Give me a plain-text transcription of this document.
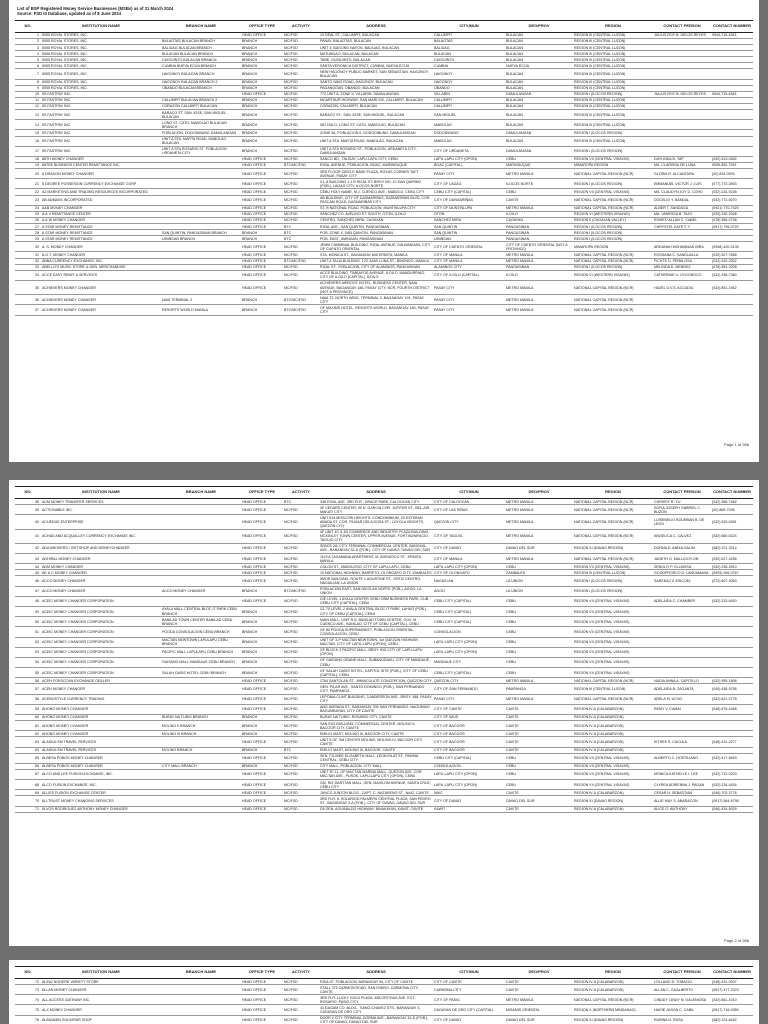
List of BSP Registered Money Service Businesses (MSBs) as of 31 March 2024
Source: FSD III Database, updated as of 8 June 2024
NO.	INSTITUTION NAME	BRANCH NAME	OFFICE TYPE	ACTIVITY	ADDRESS	CITY/MUN	DEO/PROV	REGION	CONTACT PERSON	CONTACT NUMBER
1	5055 ROYAL STORES, INC.		HEAD OFFICE	MC/FXD	10 DEAL ST., CALUMPIT, BULACAN	CALUMPIT	BULACAN	REGION III (CENTRAL LUZON)	JULIUS ROY B. DELOS REYES	0944-715-4363
2	5055 ROYAL STORES, INC.	BALAGTAS BULACAN BRANCH	BRANCH	MC/FXD	PANAY, BALAGTAS, BULACAN	BALAGTAS	BULACAN	REGION III (CENTRAL LUZON)		
3	5055 ROYAL STORES, INC.	BALIUAG BULACAN BRANCH	BRANCH	MC/FXD	UNIT 4, BAGONG NAYON, BALIUAG, BULACAN	BALIUAG	BULACAN	REGION III (CENTRAL LUZON)		
4	5055 ROYAL STORES, INC.	BULACAN BULACAN BRANCH	BRANCH	MC/FXD	MATUNGAO, BULACAN, BULACAN	BULACAN	BULACAN	REGION III (CENTRAL LUZON)		
5	5055 ROYAL STORES, INC.	GUIGUINTO BULACAN BRANCH	BRANCH	MC/FXD	TABE, GUIGUINTO, BULACAN	GUIGUINTO	BULACAN	REGION III (CENTRAL LUZON)		
6	5055 ROYAL STORES, INC.	CUMBIA NUEVA ECIJA BRANCH	BRANCH	MC/FXD	SANTA VERONICA DISTRICT, CUMBIA, NUEVA ECIJA	CUMBIA	NUEVA ECIJA	REGION III (CENTRAL LUZON)		
7	5055 ROYAL STORES, INC.	HAGONOY BULACAN BRANCH	BRANCH	MC/FXD	NEW HAGONOY PUBLIC MARKET, SAN SEBASTIAN, HAGONOY, BULACAN	HAGONOY	BULACAN	REGION III (CENTRAL LUZON)		
8	5055 ROYAL STORES, INC.	HAGONOY BULACAN BRANCH 2	BRANCH	MC/FXD	SANTO NINO ROAD, HAGONOY, BULACAN	HAGONOY	BULACAN	REGION III (CENTRAL LUZON)		
9	5055 ROYAL STORES, INC.	OBANDO BULACAN BRANCH	BRANCH	MC/FXD	PAGANGGAN, OBANDO, BULACAN	OBANDO	BULACAN	REGION III (CENTRAL LUZON)		
10	5S FASTPAY INC.		HEAD OFFICE	MC/FXD	772 UNIT A, ZONE II, VILLARIN, DAMULANGAN	VILLARIN	DAMULANGAN	REGION I (ILOCOS REGION)	JULIUS ROY B. DELOS REYES	0944-715-4363
11	5S FASTPAY INC.	CALUMPIT BULACAN BRANCH 2	BRANCH	MC/FXD	MCARTHUR HIGHWAY, SAN MARCOS, CALUMPIT, BULACAN	CALUMPIT	BULACAN	REGION III (CENTRAL LUZON)		
12	5S FASTPAY INC.	CORAZON CALUMPIT BULACAN	BRANCH	MC/FXD	CORAZON, CALUMPIT, BULACAN	CALUMPIT	BULACAN	REGION III (CENTRAL LUZON)		
13	5S FASTPAY INC.	BARACO ST. SAN JOSE, SAN MIGUEL BULACAN	BRANCH	MC/FXD	BARACO ST., SAN JOSE, SAN MIGUEL, BULACAN	SAN MIGUEL	BULACAN	REGION III (CENTRAL LUZON)		
14	5S FASTPAY INC.	LONG ST. CATO, MABOLAO BULACAN BRANCH	BRANCH	MC/FXD	081 HULO, LONG ST. CATO, MABOLAO, BULACAN	MABOLAO	BULACAN	REGION III (CENTRAL LUZON)		
15	5S FASTPAY INC.	POBLACION, DODODIBUNG DAMULANGAN	BRANCH	MC/FXD	ZONE 3A, POBLACION II, DODODIBUNG, DAMULANGAN	DODODIBUNG	DAMULANGAN	REGION I (ILOCOS REGION)		
16	5S FASTPAY INC.	UNIT A STA. MARTA ROAD, MABOLAO BULACAN	BRANCH	MC/FXD	UNIT A STA. MARTA ROAD, MABOLAO, BULACAN	MABOLAO	BULACAN	REGION III (CENTRAL LUZON)		
17	5S FASTPAY INC.	UNIT A STA ROSARIO ST. POBLACION URDANETA CITY	BRANCH	MC/FXD	UNIT A STA ROSARIO ST., POBLACION, URDANETA CITY, DAMULANGAN	CITY OF URDANETA	DAMULANGAN	REGION I (ILOCOS REGION)		
18	88TH MONEY CHANGER		HEAD OFFICE	MC/FXD	SANCO BD., TALISAY, LAPU-LAPU CITY, CEBU	LAPU-LAPU CITY (OPON)	CEBU	REGION VII (CENTRAL VISAYAS)	DAYLINDA B. YAP	(032) 513-0452
19	88TEE BUSINESS CENTER REMITTANCE INC.		HEAD OFFICE	BTC/MC/FXD	RIZAL AVENUE, POBLACION, BOAC, MARINDUQUE	BOAC (CAPITAL)	MARINDUQUE	MIMAROPA REGION	MA. CLARISSA DE LUNA	0905-592-7292
20	8 DRAGON MONEY CHANGER		HEAD OFFICE	MC/FXD	3RD FLOOR CIRCLE BANK PLAZA, ROXAS CORNER TAFT AVENUE, PASAY CITY	PASAY CITY	METRO MANILA	NATIONAL CAPITAL REGION (NCR)	GLORIA R. ALCANTARA	(02) 834-0933
21	8 DEGREE POSSESION CURRENCY EXCHANGE CORP		HEAD OFFICE	MC/FXD	V-L 8 BUILDING 1-1 B RIZAL ST. BRGY NO. 10 SAN QUIRINO (POB.), LAOAG CITY, ILOCOS NORTE	CITY OF LAOAG	ILOCOS NORTE	REGION I (ILOCOS REGION)	EMMANUEL VICTOR J. LUIS	(077) 770-3903
22	A2 MARKETING AND TRADING RESOURCES INCORPORATED		HEAD OFFICE	MC/FXD	CEBU HOLY NAME, M.J. CUENCO AVE., MABOLO, CEBU CITY	CEBU CITY (CAPITAL)	CEBU	REGION VII (CENTRAL VISAYAS)	MA. CLAUDYN JOY D. COHO	(032) 233-9236
23	AB ADMASS INCORPORATED		HEAD OFFICE	MC/FXD	AB BUILDING, CITY OF DASMARIÑAS, DASMARIÑAS BLVD. COR. PASCAM ROAD, DASMARIÑAS CITY	CITY OF DASMARIÑAS	CAVITE	NATIONAL CAPITAL REGION (NCR)	DOCELIO Y. BANDAL	(032) 772-5070
24	A&B MONEY CHANGER		HEAD OFFICE	MC/FXD	ST. B NATIONAL ROAD, POBLACION, MUNTINLUPA CITY	CITY OF MUNTINLUPA	METRO MANILA	NATIONAL CAPITAL REGION (NCR)	ALBER T. SANDAGA	(0921) 770-7420
25	A & V REMITTANCE CENTER		HEAD OFFICE	MC/FXD	SANCHEZ CO. AVELINO ST. SOUTH, OTON, ILOILO	OTON	ILOILO	REGION VI (WESTERN VISAYAS)	MA. VANESSA B. TAJO	(033) 330-2048
26	A & W MONEY CHANGER		HEAD OFFICE	MC/FXD	CENTRO, SANCHEZ MIRA, CAGAYAN	SANCHEZ MIRA	CAGAYAN	REGION II (CAGAYAN VALLEY)	ROMEO ALLAN C. CABEL	(078) 396-0738
27	A STAR MONEY REMITTANCE		HEAD OFFICE	BTC	RIZAL AVE., SAN QUINTIN, PANGASINAN	SAN QUINTIN	PANGASINAN	REGION I (ILOCOS REGION)	CHRYSTEL KATE T. Y	(0917) 795-0720
28	A STAR MONEY REMITTANCE	SAN QUINTIN, PANGASINAN BRANCH	BRANCH	BTC	POB. ZONE 4, SAN QUINTIN, PANGASINAN	SAN QUINTIN	PANGASINAN	REGION I (ILOCOS REGION)		
29	A STAR MONEY REMITTANCE	UMINGAN BRANCH	BRANCH	BTC	POB. EAST, UMINGAN, PANGASINAN	UMINGAN	PANGASINAN	REGION I (ILOCOS REGION)		
30	A. S. MONEY CHANGER		HEAD OFFICE	MC/FXD	JEMM CAMMINAL BUILDING, RIZAL AVENUE, DALWANGAN, CITY OF CUENTO ORIENTAL	CITY OF CUENTO ORIENTAL	CITY OF CUENTO ORIENTAL (NOT A PROVINCE)	MIMAROPA REGION	ARDANAH MOHAMMAD BIRA	(0948) 420-0135
31	A.G.T. MONEY CHANGER		HEAD OFFICE	MC/FXD	STA. MONICA ST., BAGANGAY 605 ERMITA, MANILA	CITY OF MANILA	METRO MANILA	NATIONAL CAPITAL REGION (NCR)	ROSSANA C. SANDUALLA	(032) 527-7858
32	ABBA CURRENCY EXCHANGE, INC.		HEAD OFFICE	BTC/MC/FXD	UNIT A TALIA BUILDING, 123 JUAN LUNA ST., BINONDO, MANILA	CITY OF MANILA	METRO MANILA	NATIONAL CAPITAL REGION (NCR)	FICHTE D. PEÑALOSA	(032) 242-2302
33	ABELLO'S MUSIC STORE & GEN. MERCHANDISE		HEAD OFFICE	MC/FXD	RIZAL ST., POBLACION, CITY OF ALAMINOS, PANGASINAN	ALAMINOS CITY	PANGASINAN	REGION I (ILOCOS REGION)	MELINDA D. MENDEZ	(075) 551-2208
34	ACCE EASY REMIT & SERVICES		HEAD OFFICE	MC/FXD	ACCE BUILDING, TIMBAYOG AVENUE, ILOILO, MANDURRIAO, CITY OF ILOILO (CAPITAL), ILOILO	CITY OF ILOILO (CAPITAL)	ILOILO	REGION VI (WESTERN VISAYAS)	CATHERINE U. UYGONGCO	(033) 338-7360
35	ACHIEVERS MONEY CHANGER		HEAD OFFICE	MC/FXD	ACHIEVERS AIRDOOT HOTEL, BUSINESS CENTER, NAIA AVENUE, BAGANGAY 188, PASAY CITY, NCR, FOURTH DISTRICT (NOT A PROVINCE)	PASAY CITY	METRO MANILA	NATIONAL CAPITAL REGION (NCR)	HAZEL D.V.S. ACCADIU	(033) 851-1952
36	ACHIEVERS MONEY CHANGER	NAIA TERMINAL 2	BRANCH	BTC/MC/FXD	NAIA T2, NORTH WING, TERMINAL 2, BAGANGAY 191, PASAY CITY	PASAY CITY	METRO MANILA	NATIONAL CAPITAL REGION (NCR)		
37	ACHIEVERS MONEY CHANGER	RESORTS WORLD MANILA	BRANCH	BTC/MC/FXD	GF MAXIMS HOTEL, RESORTS WORLD, BAGANGAY 183, PASAY CITY	PASAY CITY	METRO MANILA	NATIONAL CAPITAL REGION (NCR)		
Page 1 of 286
NO.	INSTITUTION NAME	BRANCH NAME	OFFICE TYPE	ACTIVITY	ADDRESS	CITY/MUN	DEO/PROV	REGION	CONTACT PERSON	CONTACT NUMBER
38	ACM MONEY TRANSFER SERVICES		HEAD OFFICE	BTC	336 RIZAL AVE. 3RD FLR., GRACE PARK, CALOOCAN CITY	CITY OF CALOOCAN	METRO MANILA	NATIONAL CAPITAL REGION (NCR)	CHRISSY R. YU	(032) 366-7482
39	ACTIONABLE INC.		HEAD OFFICE	MC/FXD	4F CEDARS CENTER, 90 N. GARCIA COR. JUPITER ST., BEL-AIR, MAKATI CITY	CITY OF LAS PIÑAS	METRO MANILA	NATIONAL CAPITAL REGION (NCR)	SOFIA JOSEPH GABRIEL C. BUZON	(02) 869-7036
40	ACUEDUE ENTERPRISE		HEAD OFFICE	MC/FXD	UNIT 514 MOSCOW HEIGHTS, CONDOMINIUM, 20 ESTEBAN ABADA ST. COR. FILMAR DELA DOSA ST., LOYOLA HEIGHTS, QUEZON CITY	QUEZON CITY	METRO MANILA	NATIONAL CAPITAL REGION (NCR)	LUISENELIO BOURBAN B. DE LEON	(032) 929-0451
41	ACHAD AND ACQUALLEY CURRENCY EXCHANGE INC.		HEAD OFFICE	MC/FXD	4F UNIT 4C & 4D COMMERCE AND INDUSTRY PLAZA BUILDING, MCKINLEY TOWN CENTER, UPPER AVENUE, FORT BONIFACIO, TAGUIG CITY	CITY OF TAGUIG	METRO MANILA	NATIONAL CAPITAL REGION (NCR)	ANGELICA C. CALVEZ	(032) 660-6324
42	ADA BROKERS / GIFTSHOP AND MONEYCHANGER		HEAD OFFICE	MC/FXD	SPACE 2A, CITY TERMINAL COMMERCIAL CENTER, BANGKAL AVE., BARANGAY 32-D (POB.), CITY OF DAVAO, DAVAO DEL SUR	CITY OF DAVAO	DAVAO DEL SUR	REGION XI (DAVAO REGION)	DORNA D. ABDULSALIM	(082) 221-3214
43	ADHIRAL MONEY CHANGER		HEAD OFFICE	MC/FXD	1119 A TAGAMANA APARTMENT, M. ADRIATICO ST., ERMITA, MANILA	CITY OF MANILA	METRO MANILA	NATIONAL CAPITAL REGION (NCR)	JANETH O. MALLIGOY-ON	(032) 527-4256
44	ADM MONEY CHANGER		HEAD OFFICE	MC/FXD	COLON ST., MABOLOSO, CITY OF LAPU-LAPU, CEBU	LAPU-LAPU CITY (OPON)	CEBU	REGION VII (CENTRAL VISAYAS)	ZENOLIY P. ELLMOSA	(032) 238-3910
45	AE & C MONEY CHANGER		HEAD OFFICE	MC/FXD	10 NATIONAL HIGHWAY, BARRETO, OLONGAPO CITY, ZAMBALES	CITY OF OLONGAPO	ZAMBALES	REGION III (CENTRAL LUZON)	GOODPROSCO D. LANDAMANA	(0925) 265-0767
46	ACCO MONEY CHANGER		HEAD OFFICE	MC/FXD	5MOR BUILDING, ROUTE 1 AGUSTINE ST., ORTIZ CENTRO, NAGUILIAN, LA UNION	NAGUILIAN	LA UNION	REGION I (ILOCOS REGION)	SARENAJ V. ESICUEL	(072) 607-3063
47	ACCO MONEY CHANGER	ACCO MONEY CHANGER	BRANCH	BTC/MC/FXD	POBLACION EAST, SAN NICOLAS NORTE (POB.), AGOO, LA UNION	AGOO	LA UNION	REGION I (ILOCOS REGION)		
48	ACEIC MONEY CHANGER CORPORATION		HEAD OFFICE	MC/FXD	G/E LEVEL 1 AYALA CENTER CEBU OBM BUSINESS PARK, CUB, CEBU CITY (CAPITAL), CEBU	CEBU CITY (CAPITAL)	CEBU	REGION VII (CENTRAL VISAYAS)	ADELAIDA C. CHAMBER	(032) 233-6920
49	ACEIC MONEY CHANGER CORPORATION	AYALA MALL CENTRAL BLOC IT PARK CEBU BRANCH	BRANCH	MC/FXD	GL-70 LEVEL 2 AYALA CENTRAL BLOC IT PARK, LAHUG (POB.), CITY OF CEBU (CAPITAL), CEBU	CEBU CITY (CAPITAL)	CEBU	REGION VII (CENTRAL VISAYAS)		
50	ACEIC MONEY CHANGER CORPORATION	BANILAD TOWN CENTER BANILAD CEBU BRANCH	BRANCH	MC/FXD	MAIN MALL, UNIT R-6, BANILAD TOWN CENTER, GOV. M CUENCO AVE., BANILAD, CITY OF CEBU (CAPITAL), CEBU	CEBU CITY (CAPITAL)	CEBU	REGION VII (CENTRAL VISAYAS)		
51	ACEIC MONEY CHANGER CORPORATION	POODA CONSOLACION CEBU BRANCH	BRANCH	MC/FXD	GF 80 POODA SUPERMARKET, POBLACION ORIENTAL, CONSOLACION, CEBU	CONSOLACION	CEBU	REGION VII (CENTRAL VISAYAS)		
52	ACEIC MONEY CHANGER CORPORATION	MACTAN NEWTOWN LAPULAPU CEBU BRANCH	BRANCH	MC/FXD	UNIT GF 3-P MACTAN NEWTOWN, 1st QUEZON HIGHWAY, MACTAN, CITY OF LAPU-LAPU (OPON), CEBU	LAPU-LAPU CITY (OPON)	CEBU	REGION VII (CENTRAL VISAYAS)		
53	ACEIC MONEY CHANGER CORPORATION	PACIFIC MALL LAPULAPU CEBU BRANCH	BRANCH	MC/FXD	GF BLOCK 3 PACIFIC MALL, BRGY. BIG CITY OF LAPU-LAPU (OPON)	LAPU-LAPU CITY (OPON)	CEBU	REGION VII (CENTRAL VISAYAS)		
54	ACEIC MONEY CHANGER CORPORATION	GAISANO MALL MANDAUE CEBU BRANCH	BRANCH	MC/FXD	GF GAISANO GRAND MALL, SUBANGDAKU, CITY OF MANDAUE, CEBU	MANDAUE CITY	CEBU	REGION VII (CENTRAL VISAYAS)		
55	ACEIC MONEY CHANGER CORPORATION	SALAH OASIS HOTEL CEBU BRANCH	BRANCH	MC/FXD	GF SALAH OASIS HOTEL, CAPITOL SITE (POB.), CITY OF CEBU (CAPITAL), CEBU	CEBU CITY (CAPITAL)	CEBU	REGION VII (CENTRAL VISAYAS)		
56	ACEH FORSCCAN EXCHANGE DEALER		HEAD OFFICE	MC/FXD	2784 SANTOLAN ST., IMMACULATE CONCEPCION, QUEZON CITY	QUEZON CITY	METRO MANILA	NATIONAL CAPITAL REGION (NCR)	NADIA ANNA A. CAPITILLO	(032) 955-1808
57	ACEH MONEY CHANGER		HEAD OFFICE	MC/FXD	GEN. PILAR AVE., SANTO DOMINGO (POB.), SAN FERNANDO CITY, PAMPANGA	CITY OF SAN FERNANDO	PAMPANGA	REGION III (CENTRAL LUZON)	ADELAIDA B. ZAGANTA	(045) 436-9756
58	ACEBOSTYLE CURRENCY TRADING		HEAD OFFICE	MC/FXD	LEPONIA CLINT BUILDING, 3 ANDERSON AVE., BRGY. 188, PASAY CITY	PASAY CITY	METRO MANILA	NATIONAL CAPITAL REGION (NCR)	ARELA M. UCOO	(032) 621-0778
59	AHONG MONEY CHANGER		HEAD OFFICE	MC/FXD	ANG AVENIDA ST., BARANGAY 330 SAN FERNANDO, NAGUMIAO BAGUMBAYAN, CITY OF CAVITE	CITY OF CAVITE	CAVITE	REGION IV-A (CALABARZON)	REMY V. CAMAI	(046) 875-4268
60	AHONG MONEY CHANGER	BURAY NA TUBIG BRANCH	BRANCH	MC/FXD	BURAY NA TUBIG, ROSARIO CITY, CAVITE	CITY OF IMUS	CAVITE	REGION IV-A (CALABARZON)		
61	AHONG MONEY CHANGER	MOLINO II BRANCH	BRANCH	MC/FXD	SAN EXZ BUILDING, COMMERCIAL CENTER, MOLINO II, BACOOR CITY, CAVITE	CITY OF BACOOR	CAVITE	REGION IV-A (CALABARZON)		
62	AHONG MONEY CHANGER	MOLINO III BRANCH	BRANCH	MC/FXD	EMILIO MAST, MOLINO III, BACOOR CITY, CAVITE	CITY OF BACOOR	CAVITE	REGION IV-A (CALABARZON)		
63	ALASKA-SM TRAVEL SERVICES		HEAD OFFICE	MC/FXD	UNIT 5 GF, SM CENTER MOLINO, MOLINO IV, BACOOR CITY, CAVITE	CITY OF BACOOR	CAVITE	REGION IV-A (CALABARZON)	KITHEE S. CACULA	(046) 431-2277
64	ALASKA-SM TRAVEL SERVICES	MOLINO BRANCH	BRANCH	BTC	EMILIO MAST, MOLINO III, BACOOR, CAVITE	CITY OF BACOOR	CAVITE	REGION IV-A (CALABARZON)		
65	ALBESA POBOS MONEY CHANGER		HEAD OFFICE	MC/FXD	SEN. FILOMIE ELIZABETH MALL, LEON KILAT ST., PAHINA CENTRAL, CEBU CITY	CEBU CITY (CAPITAL)	CEBU	REGION VII (CENTRAL VISAYAS)	ALBERTO C. HOSTILIANO	(032) 417-8453
66	ALBESA POBOS MONEY CHANGER	CITY MALL BRANCH	BRANCH	MC/FXD	CITY MALL, POBLACION, CITY MALL	CONSOLACION	CEBU	REGION VII (CENTRAL VISAYAS)		
67	ALCO AND LEE FUSION EXCHANGE, INC.		HEAD OFFICE	MC/FXD	UNIT 3F-11, GF MACTAN MARINA MALL, QUEZON AVE. COR. MACTAN AVE., PUSOK, LAPU-LAPU CITY (OPON), CEBU	LAPU-LAPU CITY (OPON)	CEBU	REGION VII (CENTRAL VISAYAS)	MONICA KATHELLE I. LEE	(032) 712-0203
68	ALCO FUSION EXCHANGE, INC.		HEAD OFFICE	MC/FXD	GM. RIZ DARTTAN MALL, GEN. MAXILOM AVENUE, SANTA CRUZ, CEBU CITY	LAPU-LAPU CITY (OPON)	CEBU	REGION VII (CENTRAL VISAYAS)	CLYREA ADRIENNA J. PAGAN	(032) 234-4434
69	ALLIES FUSION EXCHANGE CENTER		HEAD OFFICE	MC/FXD	JUNCO JUNTON BLDG., CAPT. C. NAZARENO ST., NAIC, CAVITE	NAIC	CAVITE	REGION IV-A (CALABARZON)	CESAR N. SEBASTIAN	(046) 703-3776
70	ALLTRUST MONEY CHANGING SERVICES		HEAD OFFICE	MC/FXD	3RD FLR. IL SOLARIOD PALMERS CENTRAL PLAZA, SAN PEDRO ST., BAGANGAY 3-A (POB.), CITY OF DAVAO, DAVAO DEL SUR	CITY OF DAVAO	DAVAO DEL SUR	REGION XI (DAVAO REGION)	ALLIE MAY S. ABARACON	(0917) 584-6798
71	ALVOS RODRIGUEZ ANTHONY MONEY CHANGER		HEAD OFFICE	MC/FXD	D5 GEN. AGUINALDO HIGHWAY, BINAKAYAN, KAWIT, CAVITE	KAWIT	CAVITE	REGION IV-A (CALABARZON)	ALICE G. ANTHONY	(046) 434-5029
Page 2 of 286
NO.	INSTITUTION NAME	BRANCH NAME	OFFICE TYPE	ACTIVITY	ADDRESS	CITY/MUN	DEO/PROV	REGION	CONTACT PERSON	CONTACT NUMBER
72	ALING NGGERE VARIETY STORE		HEAD OFFICE	MC/FXD	RIDA ST. POBLACION, BARANGAY 54, CITY OF CAVITE	CITY OF CAVITE	CAVITE	REGION IV-A (CALABARZON)	LOLLANO D. TOBACIO	(046) 431-0037
73	ALLAN MONEY CHANGER		HEAD OFFICE	MC/FXD	STALL 375 CARMON ROAD, SAN ISIDRO, CARMONA CITY, CAVITE	CARMONA CITY	CAVITE	REGION IV-A (CALABARZON)	ALLAN C. GUALBERTO	(0917) 477-2323
74	ALL ACCESS GATEWAY INC.		HEAD OFFICE	MC/FXD	3RD FLR. LUCKY GOLD PLAZA, 488 ORTIGAS AVE. EXT., ROSARIO, PASIG CITY	CITY OF PASIG	METRO MANILA	NATIONAL CAPITAL REGION (NCR)	CINDDY CINDY N. GALENIOSA	(032) 661-1010
75	ALX MONEY CHANGER		HEAD OFFICE	MC/FXD	41 DAGAM CO. BLDG., TIANO-CHAVEZ STS., BARANGAY 3, CAGAYAN DE ORO CITY	CAGAYAN DE ORO CITY (CAPITAL)	MISAMIS ORIENTAL	REGION X (NORTHERN MINDANAO)	HAGIE JASON C. CABIL	(0917) 716-0350
76	ALBIZAMIN SOUVENIR SHOP		HEAD OFFICE	MC/FXD	DOOR 2 CITY TERMINAL DORMA AVE., BARANGAY 32-D (POB.), CITY OF DAVAO, DAVAO DEL SUR	CITY OF DAVAO	DAVAO DEL SUR	REGION XI (DAVAO REGION)	RUBINA N. RUSA	(082) 224-6432
